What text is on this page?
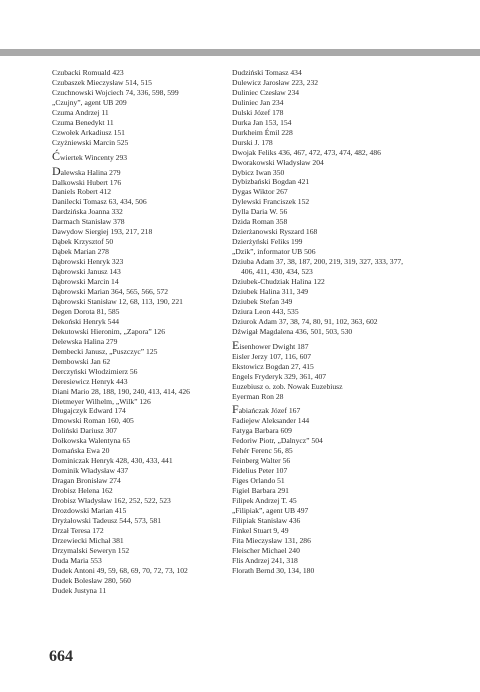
Czubacki Romuald 423
Czubaszek Mieczysław 514, 515
Czuchnowski Wojciech 74, 336, 598, 599
„Czujny”, agent UB 209
Czuma Andrzej 11
Czuma Benedykt 11
Czwołek Arkadiusz 151
Czyżniewski Marcin 525
Ćwiertek Wincenty 293
Dalewska Halina 279
Dalkowski Hubert 176
Daniels Robert 412
Danilecki Tomasz 63, 434, 506
Dardzińska Joanna 332
Darmach Stanisław 378
Dawydow Siergiej 193, 217, 218
Dąbek Krzysztof 50
Dąbek Marian 278
Dąbrowski Henryk 323
Dąbrowski Janusz 143
Dąbrowski Marcin 14
Dąbrowski Marian 364, 565, 566, 572
Dąbrowski Stanisław 12, 68, 113, 190, 221
Degen Dorota 81, 585
Dekoński Henryk 544
Dekutowski Hieronim, „Zapora” 126
Delewska Halina 279
Dembecki Janusz, „Puszczyc” 125
Dembowski Jan 62
Derczyński Włodzimierz 56
Deresiewicz Henryk 443
Diani Mario 28, 188, 190, 240, 413, 414, 426
Dietmeyer Wilhelm, „Wilk” 126
Długajczyk Edward 174
Dmowski Roman 160, 405
Doliński Dariusz 307
Dołkowska Walentyna 65
Domańska Ewa 20
Dominiczak Henryk 428, 430, 433, 441
Dominik Władysław 437
Dragan Bronisław 274
Drobisz Helena 162
Drobisz Władysław 162, 252, 522, 523
Drozdowski Marian 415
Dryżałowski Tadeusz 544, 573, 581
Drzał Teresa 172
Drzewiecki Michał 381
Drzymalski Seweryn 152
Duda Maria 553
Dudek Antoni 49, 59, 68, 69, 70, 72, 73, 102
Dudek Bolesław 280, 560
Dudek Justyna 11
Dudziński Tomasz 434
Dulewicz Jarosław 223, 232
Duliniec Czesław 234
Duliniec Jan 234
Dulski Józef 178
Durka Jan 153, 154
Durkheim Émil 228
Durski J. 178
Dwojak Feliks 436, 467, 472, 473, 474, 482, 486
Dworakowski Władysław 204
Dybicz Iwan 350
Dybizbański Bogdan 421
Dygas Wiktor 267
Dylewski Franciszek 152
Dylla Daria W. 56
Dzida Roman 358
Dzierżanowski Ryszard 168
Dzierżyński Feliks 199
„Dzik”, informator UB 506
Dziuba Adam 37, 38, 187, 200, 219, 319, 327, 333, 377, 406, 411, 430, 434, 523
Dziubek-Chudziak Halina 122
Dziubek Halina 311, 349
Dziubek Stefan 349
Dziura Leon 443, 535
Dziurok Adam 37, 38, 74, 80, 91, 102, 363, 602
Dźwigał Magdalena 436, 501, 503, 530
Eisenhower Dwight 187
Eisler Jerzy 107, 116, 607
Ekstowicz Bogdan 27, 415
Engels Fryderyk 329, 361, 407
Euzebiusz o. zob. Nowak Euzebiusz
Eyerman Ron 28
Fabiańczak Józef 167
Fadiejew Aleksander 144
Fatyga Barbara 609
Fedoriw Piotr, „Dalnycz” 504
Fehér Ferenc 56, 85
Feinberg Walter 56
Fidelius Peter 107
Figes Orlando 51
Figiel Barbara 291
Filipek Andrzej T. 45
„Filipiak”, agent UB 497
Filipiak Stanisław 436
Finkel Stuart 9, 49
Fita Mieczysław 131, 286
Fleischer Michael 240
Flis Andrzej 241, 318
Florath Bernd 30, 134, 180
664
